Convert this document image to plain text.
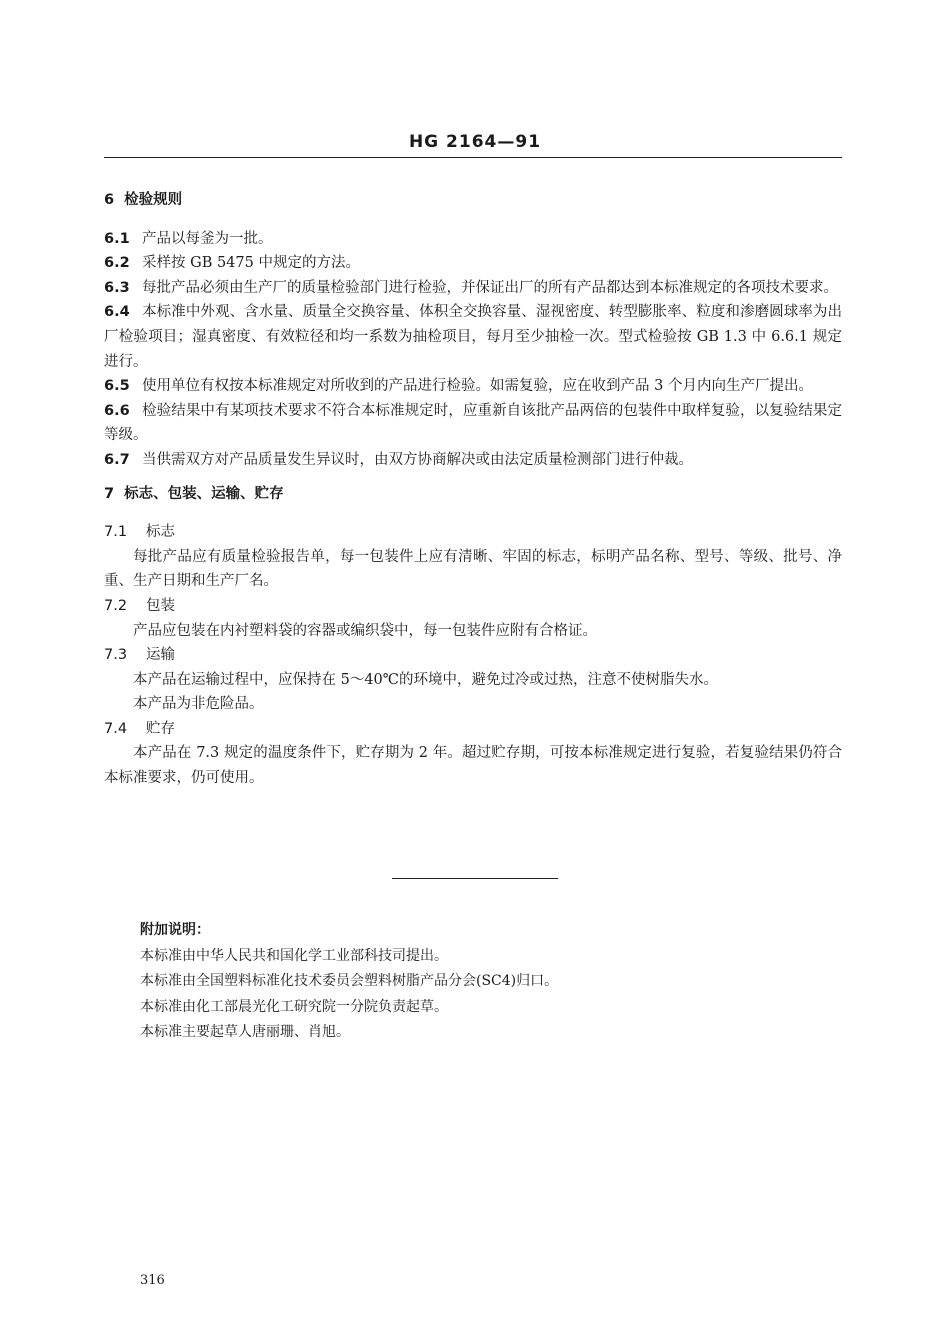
HG 2164—91

6 检验规则

6.1 产品以每釜为一批。

6.2 采样按 GB 5475 中规定的方法。

6.3 每批产品必须由生产厂的质量检验部门进行检验，并保证出厂的所有产品都达到本标准规定的各项技术要求。

6.4 本标准中外观、含水量、质量全交换容量、体积全交换容量、湿视密度、转型膨胀率、粒度和渗磨圆球率为出厂检验项目；湿真密度、有效粒径和均一系数为抽检项目，每月至少抽检一次。型式检验按 GB 1.3 中 6.6.1 规定进行。

6.5 使用单位有权按本标准规定对所收到的产品进行检验。如需复验，应在收到产品 3 个月内向生产厂提出。

6.6 检验结果中有某项技术要求不符合本标准规定时，应重新自该批产品两倍的包装件中取样复验，以复验结果定等级。

6.7 当供需双方对产品质量发生异议时，由双方协商解决或由法定质量检测部门进行仲裁。

7 标志、包装、运输、贮存

7.1 标志

每批产品应有质量检验报告单，每一包装件上应有清晰、牢固的标志，标明产品名称、型号、等级、批号、净重、生产日期和生产厂名。

7.2 包装

产品应包装在内衬塑料袋的容器或编织袋中，每一包装件应附有合格证。

7.3 运输

本产品在运输过程中，应保持在 5～40℃的环境中，避免过冷或过热，注意不使树脂失水。

本产品为非危险品。

7.4 贮存

本产品在 7.3 规定的温度条件下，贮存期为 2 年。超过贮存期，可按本标准规定进行复验，若复验结果仍符合本标准要求，仍可使用。

附加说明：

本标准由中华人民共和国化学工业部科技司提出。

本标准由全国塑料标准化技术委员会塑料树脂产品分会(SC4)归口。

本标准由化工部晨光化工研究院一分院负责起草。

本标准主要起草人唐丽珊、肖旭。

316
